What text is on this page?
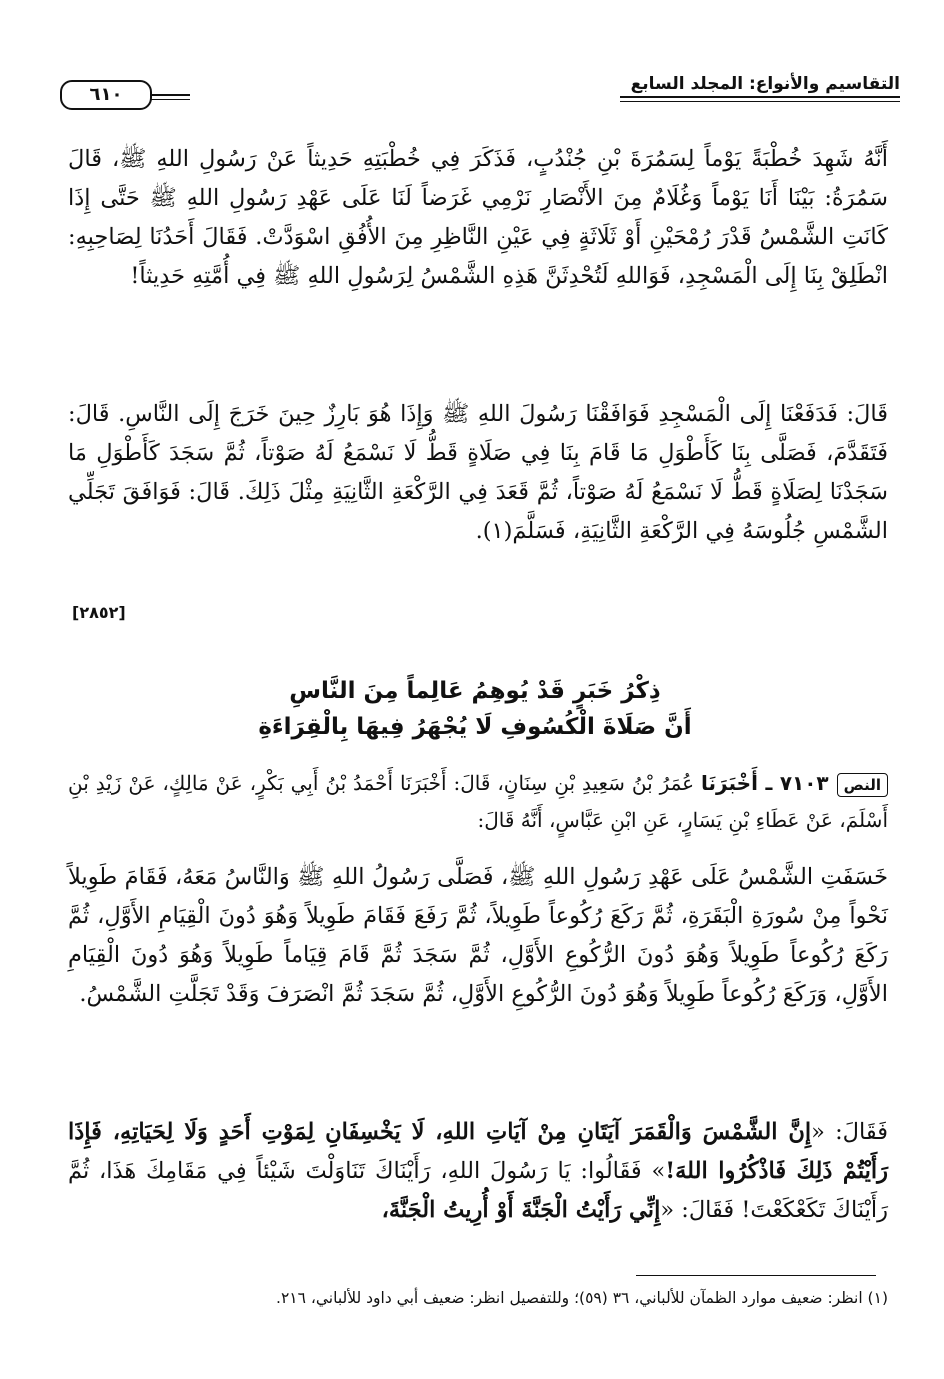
التقاسيم والأنواع: المجلد السابع
٦١٠

أَنَّهُ شَهِدَ خُطْبَةً يَوْماً لِسَمُرَةَ بْنِ جُنْدُبٍ، فَذَكَرَ فِي خُطْبَتِهِ حَدِيثاً عَنْ رَسُولِ اللهِ ﷺ، قَالَ سَمُرَةُ: بَيْنَا أَنَا يَوْماً وَغُلَامٌ مِنَ الأَنْصَارِ نَرْمِي غَرَضاً لَنَا عَلَى عَهْدِ رَسُولِ اللهِ ﷺ حَتَّى إِذَا كَانَتِ الشَّمْسُ قَدْرَ رُمْحَيْنِ أَوْ ثَلَاثَةٍ فِي عَيْنِ النَّاظِرِ مِنَ الأُفُقِ اسْوَدَّتْ. فَقَالَ أَحَدُنَا لِصَاحِبِهِ: انْطَلِقْ بِنَا إِلَى الْمَسْجِدِ، فَوَاللهِ لَتُحْدِثَنَّ هَذِهِ الشَّمْسُ لِرَسُولِ اللهِ ﷺ فِي أُمَّتِهِ حَدِيثاً!

قَالَ: فَدَفَعْنَا إِلَى الْمَسْجِدِ فَوَافَقْنَا رَسُولَ اللهِ ﷺ وَإِذَا هُوَ بَارِزٌ حِينَ خَرَجَ إِلَى النَّاسِ. قَالَ: فَتَقَدَّمَ، فَصَلَّى بِنَا كَأَطْوَلِ مَا قَامَ بِنَا فِي صَلَاةٍ قَطُّ لَا نَسْمَعُ لَهُ صَوْتاً، ثُمَّ سَجَدَ كَأَطْوَلِ مَا سَجَدْنَا لِصَلَاةٍ قَطُّ لَا نَسْمَعُ لَهُ صَوْتاً، ثُمَّ قَعَدَ فِي الرَّكْعَةِ الثَّانِيَةِ مِثْلَ ذَلِكَ. قَالَ: فَوَافَقَ تَجَلِّي الشَّمْسِ جُلُوسَهُ فِي الرَّكْعَةِ الثَّانِيَةِ، فَسَلَّمَ(١).

[٢٨٥٢]
ذِكْرُ خَبَرٍ قَدْ يُوهِمُ عَالِماً مِنَ النَّاسِ
أَنَّ صَلَاةَ الْكُسُوفِ لَا يُجْهَرُ فِيهَا بِالْقِرَاءَةِ

النص٧١٠٣ ـ أَخْبَرَنَا عُمَرُ بْنُ سَعِيدِ بْنِ سِنَانٍ، قَالَ: أَخْبَرَنَا أَحْمَدُ بْنُ أَبِي بَكْرٍ، عَنْ مَالِكٍ، عَنْ زَيْدِ بْنِ أَسْلَمَ، عَنْ عَطَاءِ بْنِ يَسَارٍ، عَنِ ابْنِ عَبَّاسٍ، أَنَّهُ قَالَ:

خَسَفَتِ الشَّمْسُ عَلَى عَهْدِ رَسُولِ اللهِ ﷺ، فَصَلَّى رَسُولُ اللهِ ﷺ وَالنَّاسُ مَعَهُ، فَقَامَ طَوِيلاً نَحْواً مِنْ سُورَةِ الْبَقَرَةِ، ثُمَّ رَكَعَ رُكُوعاً طَوِيلاً، ثُمَّ رَفَعَ فَقَامَ طَوِيلاً وَهُوَ دُونَ الْقِيَامِ الأَوَّلِ، ثُمَّ رَكَعَ رُكُوعاً طَوِيلاً وَهُوَ دُونَ الرُّكُوعِ الأَوَّلِ، ثُمَّ سَجَدَ ثُمَّ قَامَ قِيَاماً طَوِيلاً وَهُوَ دُونَ الْقِيَامِ الأَوَّلِ، وَرَكَعَ رُكُوعاً طَوِيلاً وَهُوَ دُونَ الرُّكُوعِ الأَوَّلِ، ثُمَّ سَجَدَ ثُمَّ انْصَرَفَ وَقَدْ تَجَلَّتِ الشَّمْسُ.

فَقَالَ: «إِنَّ الشَّمْسَ وَالْقَمَرَ آيَتَانِ مِنْ آيَاتِ اللهِ، لَا يَخْسِفَانِ لِمَوْتِ أَحَدٍ وَلَا لِحَيَاتِهِ، فَإِذَا رَأَيْتُمْ ذَلِكَ فَاذْكُرُوا اللهَ!» فَقَالُوا: يَا رَسُولَ اللهِ، رَأَيْنَاكَ تَنَاوَلْتَ شَيْئاً فِي مَقَامِكَ هَذَا، ثُمَّ رَأَيْنَاكَ تَكَعْكَعْتَ! فَقَالَ: «إِنِّي رَأَيْتُ الْجَنَّةَ أَوْ أُرِيتُ الْجَنَّةَ،

(١) انظر: ضعيف موارد الظمآن للألباني، ٣٦ (٥٩)؛ وللتفصيل انظر: ضعيف أبي داود للألباني، ٢١٦.
